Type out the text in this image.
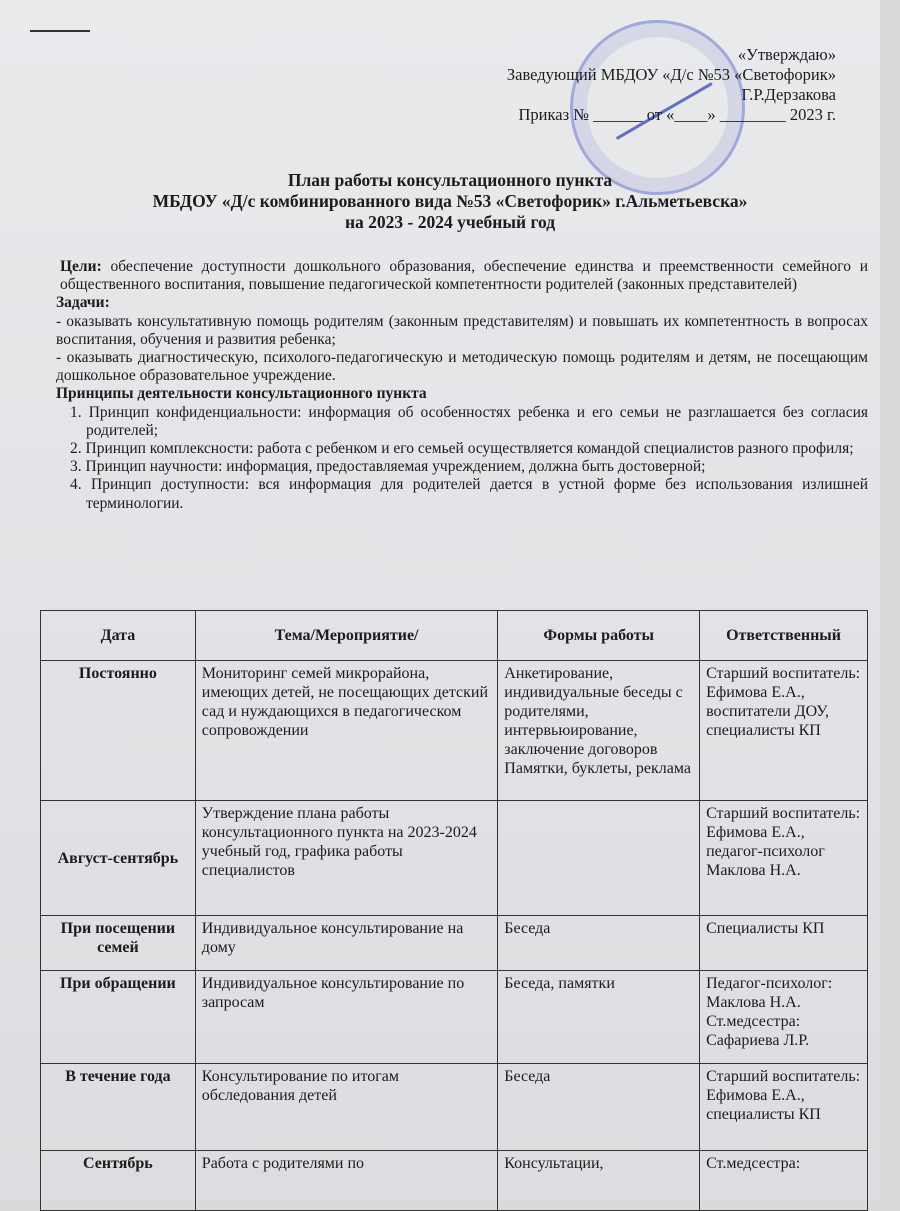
«Утверждаю»
Заведующий МБДОУ «Д/с №53 «Светофорик»
Г.Р.Дерзакова
Приказ № ______ от «____» ________ 2023 г.
План работы консультационного пункта
МБДОУ «Д/с комбинированного вида №53 «Светофорик» г.Альметьевска»
на 2023 - 2024 учебный год

Цели: обеспечение доступности дошкольного образования, обеспечение единства и преемственности семейного и общественного воспитания, повышение педагогической компетентности родителей (законных представителей)

Задачи:

- оказывать консультативную помощь родителям (законным представителям) и повышать их компетентность в вопросах воспитания, обучения и развития ребенка;

- оказывать диагностическую, психолого-педагогическую и методическую помощь родителям и детям, не посещающим дошкольное образовательное учреждение.

Принципы деятельности консультационного пункта

1. Принцип конфиденциальности: информация об особенностях ребенка и его семьи не разглашается без согласия родителей;
2. Принцип комплексности: работа с ребенком и его семьей осуществляется командой специалистов разного профиля;
3. Принцип научности: информация, предоставляемая учреждением, должна быть достоверной;
4. Принцип доступности: вся информация для родителей дается в устной форме без использования излишней терминологии.
Дата	Тема/Мероприятие/	Формы работы	Ответственный
Постоянно	Мониторинг семей микрорайона, имеющих детей, не посещающих детский сад и нуждающихся в педагогическом сопровождении	Анкетирование, индивидуальные беседы с родителями, интервьюирование, заключение договоров Памятки, буклеты, реклама	Старший воспитатель: Ефимова Е.А., воспитатели ДОУ, специалисты КП
Август-сентябрь	Утверждение плана работы консультационного пункта на 2023-2024 учебный год, графика работы специалистов		Старший воспитатель: Ефимова Е.А., педагог-психолог Маклова Н.А.
При посещении семей	Индивидуальное консультирование на дому	Беседа	Специалисты КП
При обращении	Индивидуальное консультирование по запросам	Беседа, памятки	Педагог-психолог: Маклова Н.А. Ст.медсестра: Сафариева Л.Р.
В течение года	Консультирование по итогам обследования детей	Беседа	Старший воспитатель: Ефимова Е.А., специалисты КП
Сентябрь	Работа с родителями по	Консультации,	Ст.медсестра:
